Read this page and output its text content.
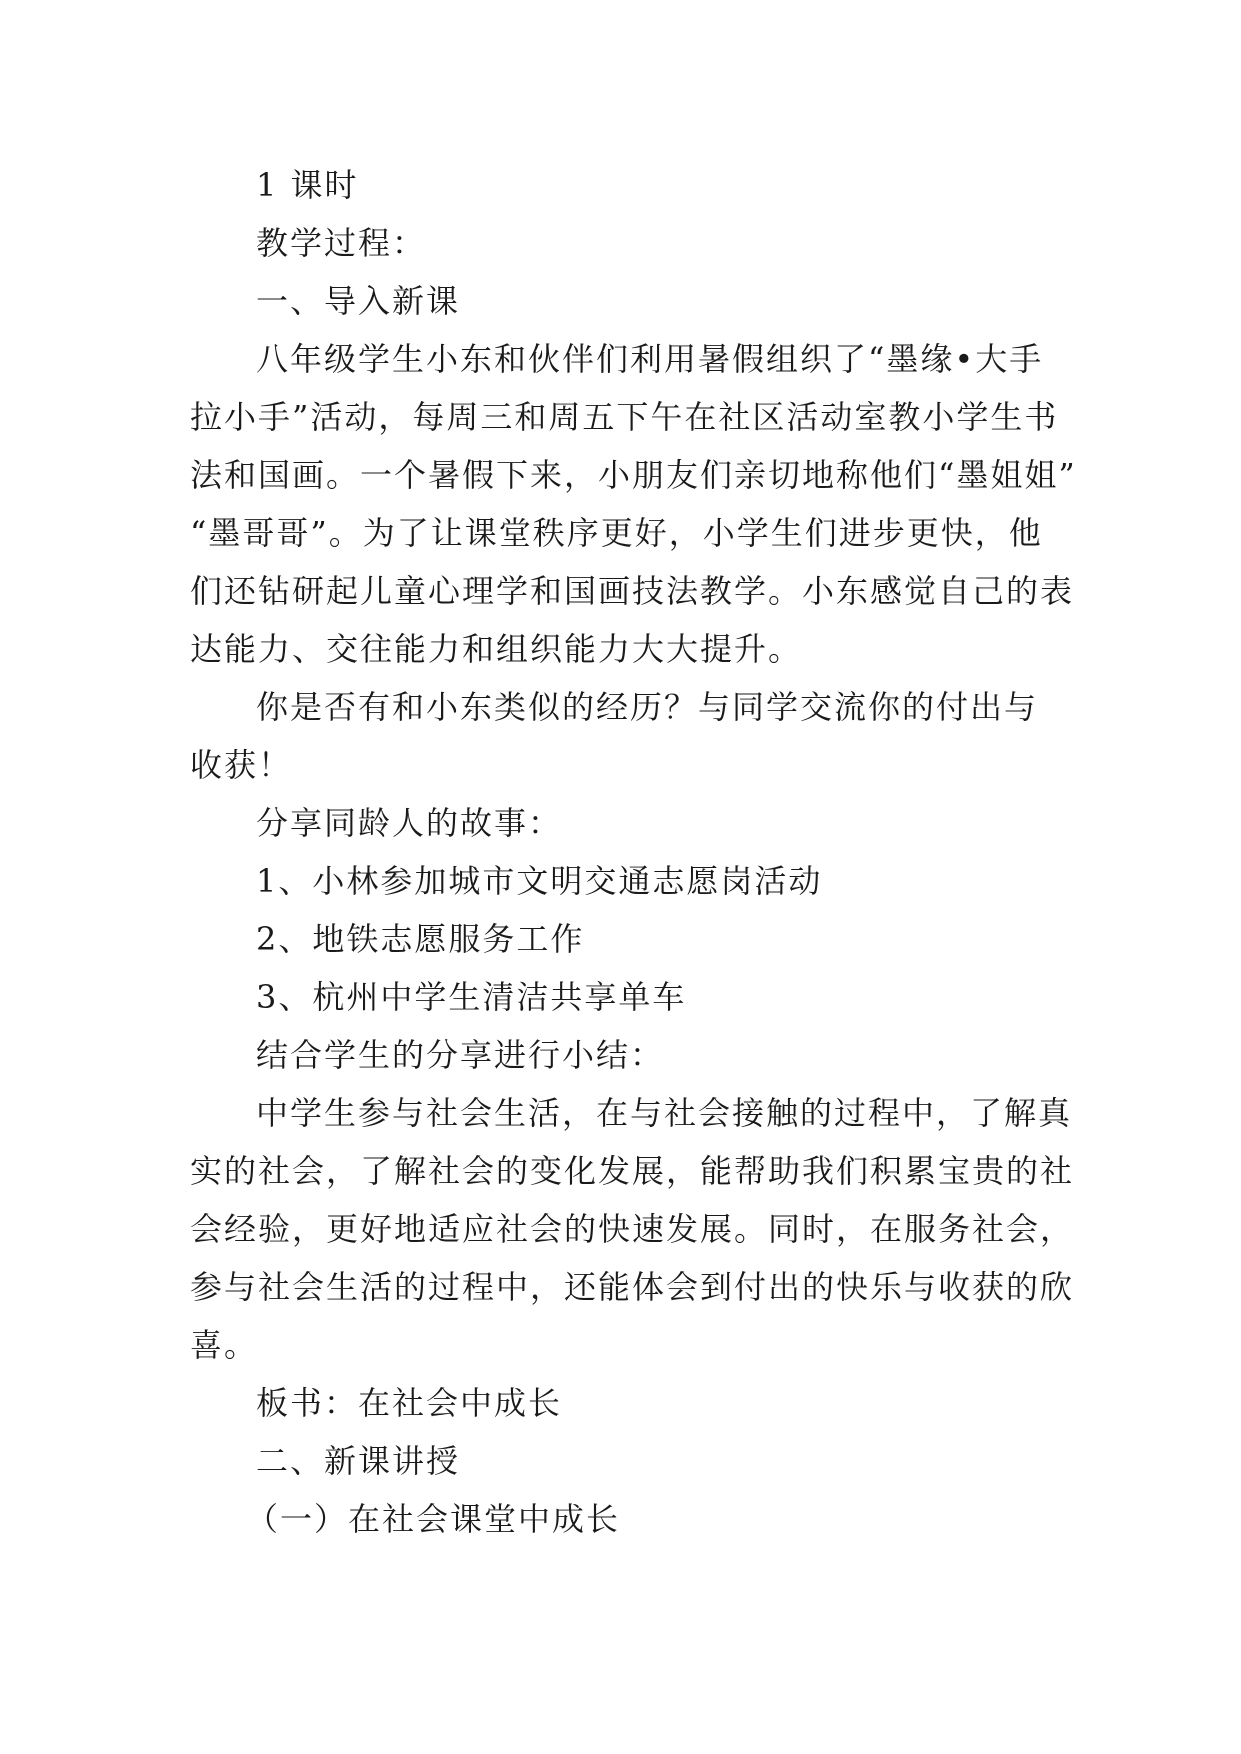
1 课时

教学过程：

一、导入新课

八年级学生小东和伙伴们利用暑假组织了“墨缘•大手

拉小手”活动，每周三和周五下午在社区活动室教小学生书

法和国画。一个暑假下来，小朋友们亲切地称他们“墨姐姐”

“墨哥哥”。为了让课堂秩序更好，小学生们进步更快，他

们还钻研起儿童心理学和国画技法教学。小东感觉自己的表

达能力、交往能力和组织能力大大提升。

你是否有和小东类似的经历？与同学交流你的付出与

收获！

分享同龄人的故事：

1、小林参加城市文明交通志愿岗活动

2、地铁志愿服务工作

3、杭州中学生清洁共享单车

结合学生的分享进行小结：

中学生参与社会生活，在与社会接触的过程中，了解真

实的社会，了解社会的变化发展，能帮助我们积累宝贵的社

会经验，更好地适应社会的快速发展。同时，在服务社会，

参与社会生活的过程中，还能体会到付出的快乐与收获的欣

喜。

板书：在社会中成长

二、新课讲授

（一）在社会课堂中成长
